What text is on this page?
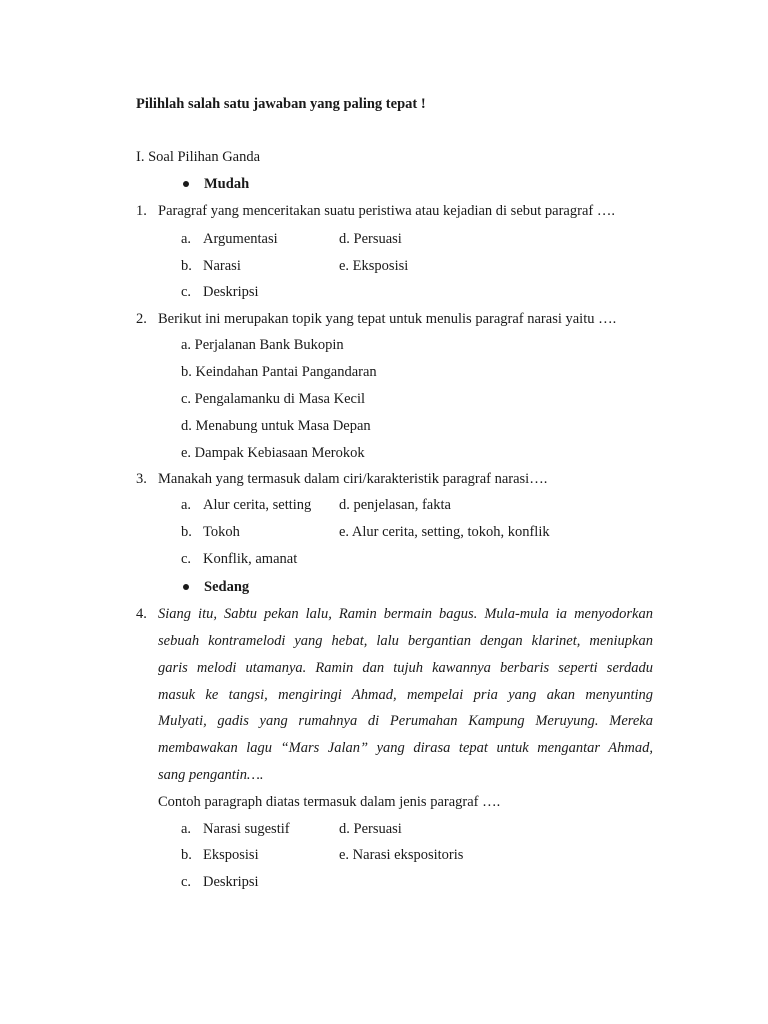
Pilihlah salah satu jawaban yang paling tepat !
I. Soal Pilihan Ganda
Mudah
1. Paragraf yang menceritakan suatu peristiwa atau kejadian di sebut paragraf ….
a. Argumentasi	d. Persuasi
b. Narasi	e. Eksposisi
c. Deskripsi
2. Berikut ini merupakan topik yang tepat untuk menulis paragraf narasi yaitu ….
a. Perjalanan Bank Bukopin
b. Keindahan Pantai Pangandaran
c. Pengalamanku di Masa Kecil
d. Menabung untuk Masa Depan
e. Dampak Kebiasaan Merokok
3. Manakah yang termasuk dalam ciri/karakteristik paragraf narasi….
a. Alur cerita, setting d. penjelasan, fakta
b. Tokoh	e. Alur cerita, setting, tokoh, konflik
c. Konflik, amanat
Sedang
4. Siang itu, Sabtu pekan lalu, Ramin bermain bagus. Mula-mula ia menyodorkan
sebuah kontramelodi yang hebat, lalu bergantian dengan klarinet, meniupkan
garis melodi utamanya. Ramin dan tujuh kawannya berbaris seperti serdadu
masuk ke tangsi, mengiringi Ahmad, mempelai pria yang akan menyunting
Mulyati, gadis yang rumahnya di Perumahan Kampung Meruyung. Mereka
membawakan lagu “Mars Jalan” yang dirasa tepat untuk mengantar Ahmad,
sang pengantin….
Contoh paragraph diatas termasuk dalam jenis paragraf ….
a. Narasi sugestif	d. Persuasi
b. Eksposisi	e. Narasi ekspositoris
c. Deskripsi
